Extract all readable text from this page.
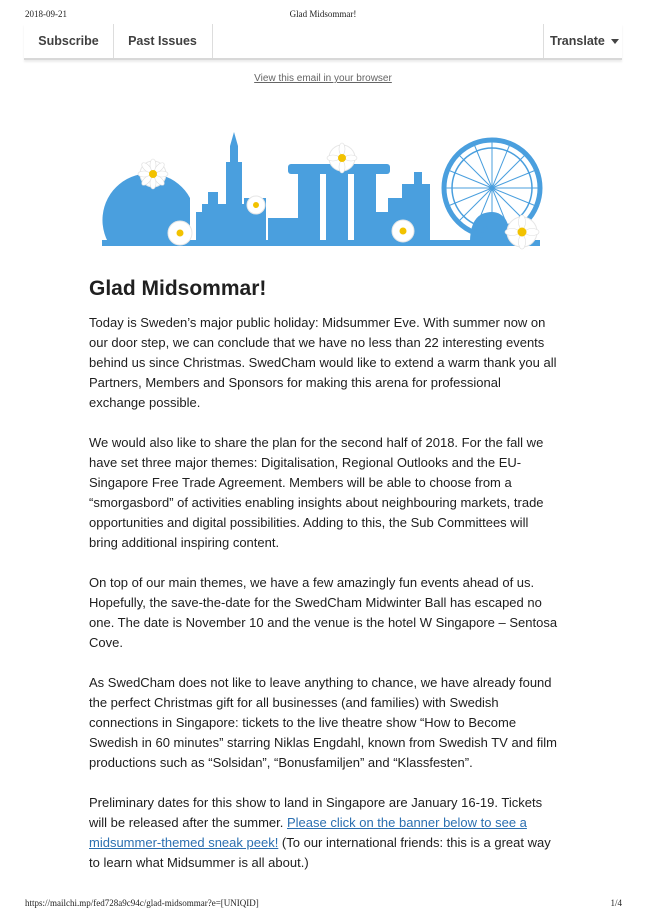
2018-09-21	Glad Midsommar!
Subscribe	Past Issues	Translate
View this email in your browser
Glad Midsommar!

Today is Sweden’s major public holiday: Midsummer Eve. With summer now on our door step, we can conclude that we have no less than 22 interesting events behind us since Christmas. SwedCham would like to extend a warm thank you all Partners, Members and Sponsors for making this arena for professional exchange possible.

We would also like to share the plan for the second half of 2018. For the fall we have set three major themes: Digitalisation, Regional Outlooks and the EU-Singapore Free Trade Agreement. Members will be able to choose from a “smorgasbord” of activities enabling insights about neighbouring markets, trade opportunities and digital possibilities. Adding to this, the Sub Committees will bring additional inspiring content.

On top of our main themes, we have a few amazingly fun events ahead of us. Hopefully, the save-the-date for the SwedCham Midwinter Ball has escaped no one. The date is November 10 and the venue is the hotel W Singapore – Sentosa Cove.

As SwedCham does not like to leave anything to chance, we have already found the perfect Christmas gift for all businesses (and families) with Swedish connections in Singapore: tickets to the live theatre show “How to Become Swedish in 60 minutes” starring Niklas Engdahl, known from Swedish TV and film productions such as “Solsidan”, “Bonusfamiljen” and “Klassfesten”.

Preliminary dates for this show to land in Singapore are January 16-19. Tickets will be released after the summer. Please click on the banner below to see a midsummer-themed sneak peek! (To our international friends: this is a great way to learn what Midsummer is all about.)

https://mailchi.mp/fed728a9c94c/glad-midsommar?e=[UNIQID]	1/4
